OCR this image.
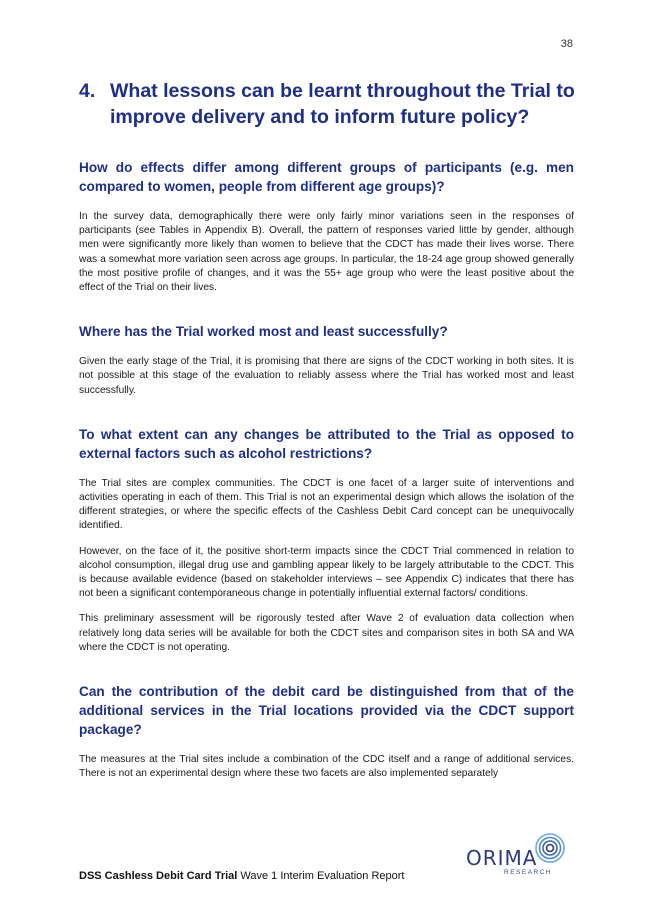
38
4. What lessons can be learnt throughout the Trial to improve delivery and to inform future policy?
How do effects differ among different groups of participants (e.g. men compared to women, people from different age groups)?

In the survey data, demographically there were only fairly minor variations seen in the responses of participants (see Tables in Appendix B). Overall, the pattern of responses varied little by gender, although men were significantly more likely than women to believe that the CDCT has made their lives worse. There was a somewhat more variation seen across age groups. In particular, the 18-24 age group showed generally the most positive profile of changes, and it was the 55+ age group who were the least positive about the effect of the Trial on their lives.

Where has the Trial worked most and least successfully?

Given the early stage of the Trial, it is promising that there are signs of the CDCT working in both sites. It is not possible at this stage of the evaluation to reliably assess where the Trial has worked most and least successfully.

To what extent can any changes be attributed to the Trial as opposed to external factors such as alcohol restrictions?

The Trial sites are complex communities. The CDCT is one facet of a larger suite of interventions and activities operating in each of them. This Trial is not an experimental design which allows the isolation of the different strategies, or where the specific effects of the Cashless Debit Card concept can be unequivocally identified.

However, on the face of it, the positive short-term impacts since the CDCT Trial commenced in relation to alcohol consumption, illegal drug use and gambling appear likely to be largely attributable to the CDCT. This is because available evidence (based on stakeholder interviews – see Appendix C) indicates that there has not been a significant contemporaneous change in potentially influential external factors/ conditions.

This preliminary assessment will be rigorously tested after Wave 2 of evaluation data collection when relatively long data series will be available for both the CDCT sites and comparison sites in both SA and WA where the CDCT is not operating.

Can the contribution of the debit card be distinguished from that of the additional services in the Trial locations provided via the CDCT support package?

The measures at the Trial sites include a combination of the CDC itself and a range of additional services. There is not an experimental design where these two facets are also implemented separately

ORIMA
RESEARCH
DSS Cashless Debit Card Trial Wave 1 Interim Evaluation Report
